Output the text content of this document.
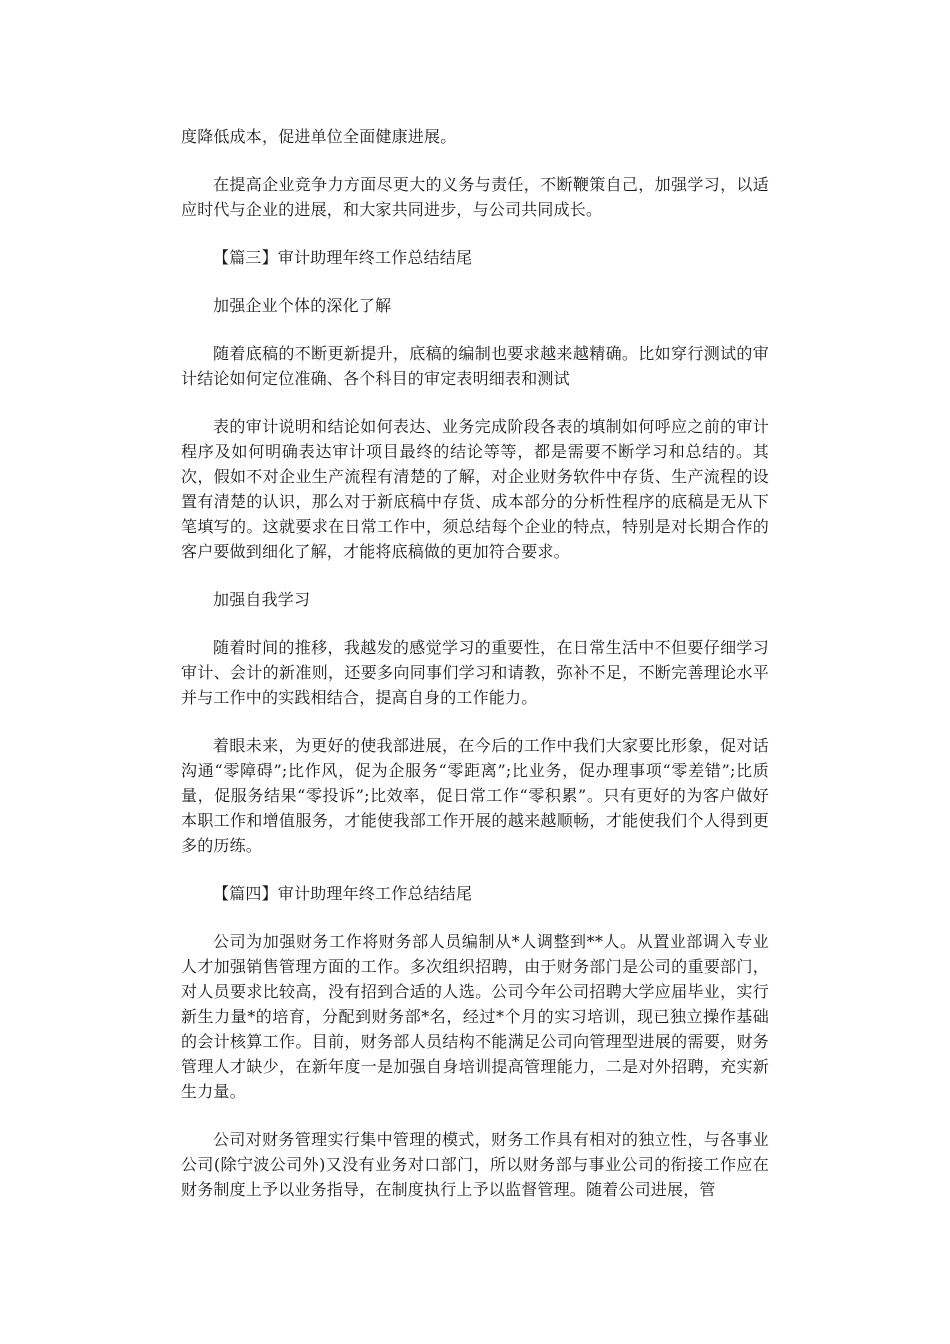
度降低成本，促进单位全面健康进展。

在提高企业竞争力方面尽更大的义务与责任，不断鞭策自己，加强学习，以适应时代与企业的进展，和大家共同进步，与公司共同成长。

【篇三】审计助理年终工作总结结尾

加强企业个体的深化了解

随着底稿的不断更新提升，底稿的编制也要求越来越精确。比如穿行测试的审计结论如何定位准确、各个科目的审定表明细表和测试

表的审计说明和结论如何表达、业务完成阶段各表的填制如何呼应之前的审计程序及如何明确表达审计项目最终的结论等等，都是需要不断学习和总结的。其次，假如不对企业生产流程有清楚的了解，对企业财务软件中存货、生产流程的设置有清楚的认识，那么对于新底稿中存货、成本部分的分析性程序的底稿是无从下笔填写的。这就要求在日常工作中，须总结每个企业的特点，特别是对长期合作的客户要做到细化了解，才能将底稿做的更加符合要求。

加强自我学习

随着时间的推移，我越发的感觉学习的重要性，在日常生活中不但要仔细学习审计、会计的新准则，还要多向同事们学习和请教，弥补不足，不断完善理论水平并与工作中的实践相结合，提高自身的工作能力。

着眼未来，为更好的使我部进展，在今后的工作中我们大家要比形象，促对话沟通“零障碍”;比作风，促为企服务“零距离”;比业务，促办理事项“零差错”;比质量，促服务结果“零投诉”;比效率，促日常工作“零积累”。只有更好的为客户做好本职工作和增值服务，才能使我部工作开展的越来越顺畅，才能使我们个人得到更多的历练。

【篇四】审计助理年终工作总结结尾

公司为加强财务工作将财务部人员编制从*人调整到**人。从置业部调入专业人才加强销售管理方面的工作。多次组织招聘，由于财务部门是公司的重要部门，对人员要求比较高，没有招到合适的人选。公司今年公司招聘大学应届毕业，实行新生力量*的培育，分配到财务部*名，经过*个月的实习培训，现已独立操作基础的会计核算工作。目前，财务部人员结构不能满足公司向管理型进展的需要，财务管理人才缺少，在新年度一是加强自身培训提高管理能力，二是对外招聘，充实新生力量。

公司对财务管理实行集中管理的模式，财务工作具有相对的独立性，与各事业公司(除宁波公司外)又没有业务对口部门，所以财务部与事业公司的衔接工作应在财务制度上予以业务指导，在制度执行上予以监督管理。随着公司进展，管
